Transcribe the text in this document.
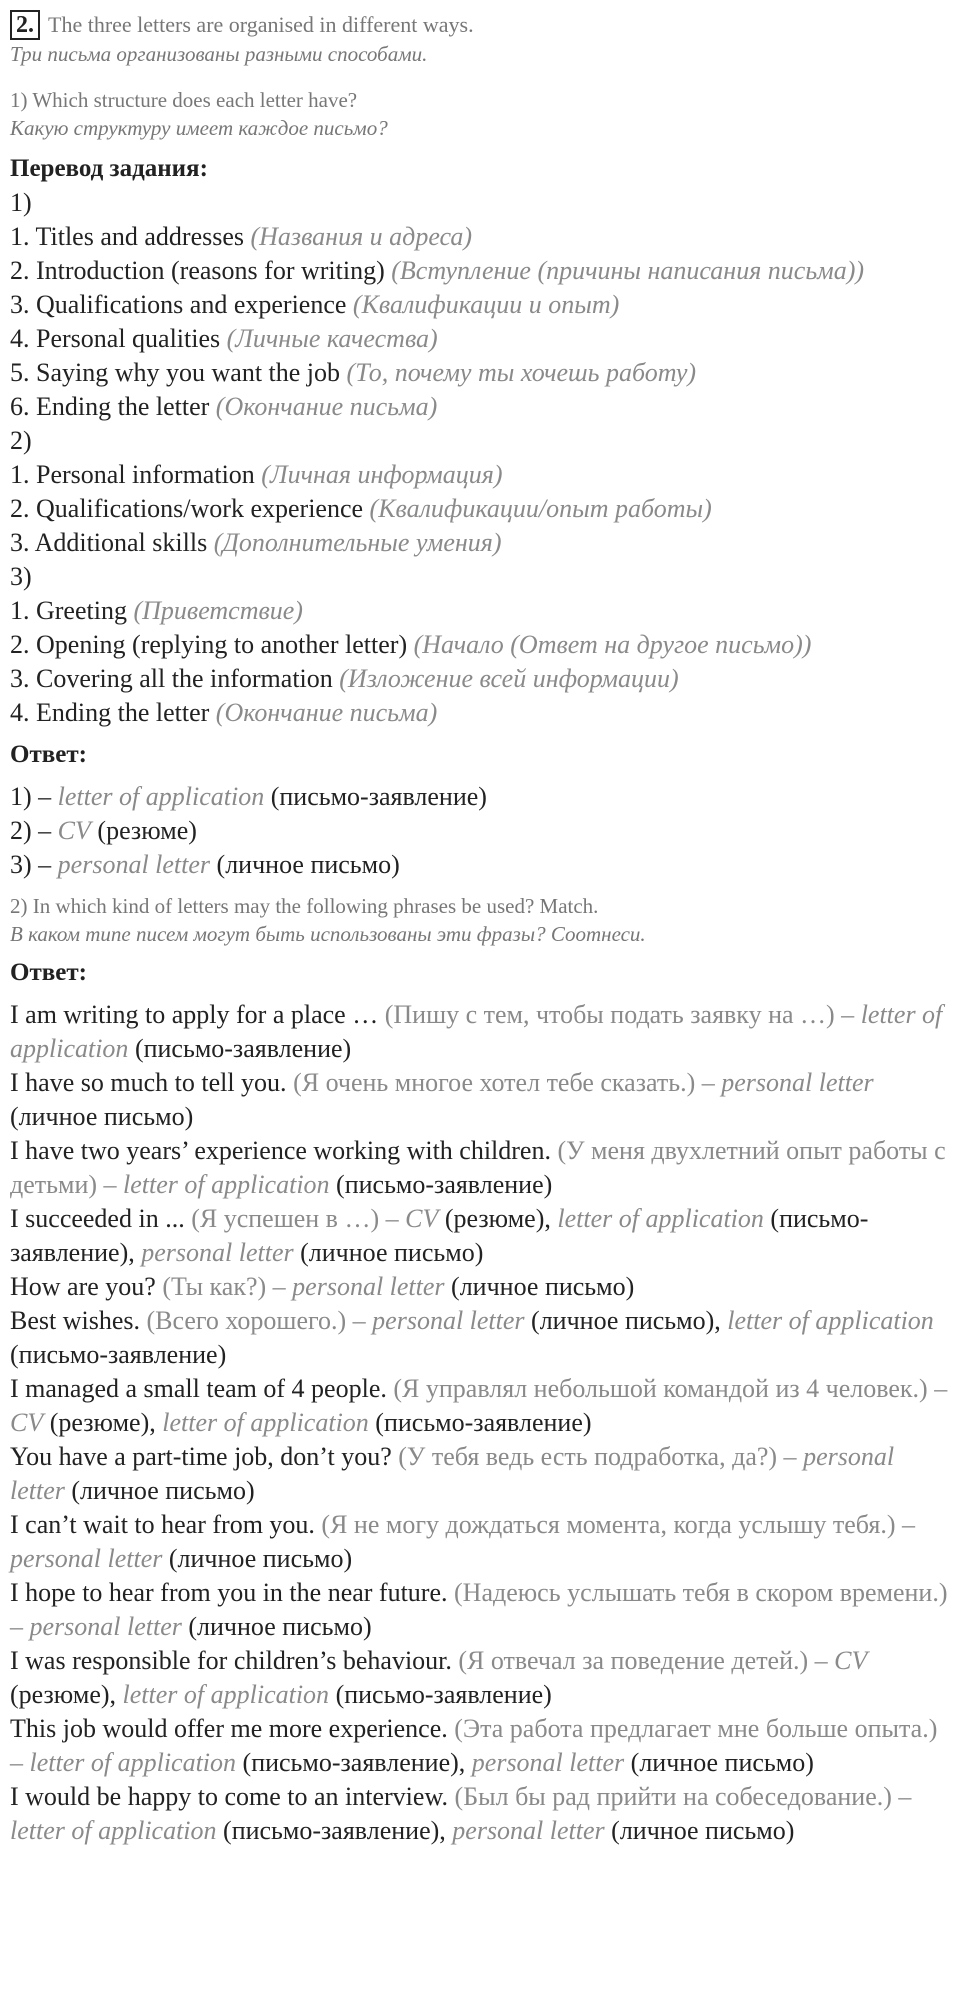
2. The three letters are organised in different ways.
Три письма организованы разными способами.
1) Which structure does each letter have?
Какую структуру имеет каждое письмо?
Перевод задания:
1)
1. Titles and addresses (Названия и адреса)
2. Introduction (reasons for writing) (Вступление (причины написания письма))
3. Qualifications and experience (Квалификации и опыт)
4. Personal qualities (Личные качества)
5. Saying why you want the job (То, почему ты хочешь работу)
6. Ending the letter (Окончание письма)
2)
1. Personal information (Личная информация)
2. Qualifications/work experience (Квалификации/опыт работы)
3. Additional skills (Дополнительные умения)
3)
1. Greeting (Приветствие)
2. Opening (replying to another letter) (Начало (Ответ на другое письмо))
3. Covering all the information (Изложение всей информации)
4. Ending the letter (Окончание письма)
Ответ:
1) – letter of application (письмо-заявление)
2) – CV (резюме)
3) – personal letter (личное письмо)
2) In which kind of letters may the following phrases be used? Match.
В каком типе писем могут быть использованы эти фразы? Соотнеси.
Ответ:
I am writing to apply for a place … (Пишу с тем, чтобы подать заявку на …) – letter of application (письмо-заявление)
I have so much to tell you. (Я очень многое хотел тебе сказать.) – personal letter (личное письмо)
I have two years’ experience working with children. (У меня двухлетний опыт работы с детьми) – letter of application (письмо-заявление)
I succeeded in ... (Я успешен в …) – CV (резюме), letter of application (письмо-заявление), personal letter (личное письмо)
How are you? (Ты как?) – personal letter (личное письмо)
Best wishes. (Всего хорошего.) – personal letter (личное письмо), letter of application (письмо-заявление)
I managed a small team of 4 people. (Я управлял небольшой командой из 4 человек.) – CV (резюме), letter of application (письмо-заявление)
You have a part-time job, don’t you? (У тебя ведь есть подработка, да?) – personal letter (личное письмо)
I can’t wait to hear from you. (Я не могу дождаться момента, когда услышу тебя.) – personal letter (личное письмо)
I hope to hear from you in the near future. (Надеюсь услышать тебя в скором времени.) – personal letter (личное письмо)
I was responsible for children’s behaviour. (Я отвечал за поведение детей.) – CV (резюме), letter of application (письмо-заявление)
This job would offer me more experience. (Эта работа предлагает мне больше опыта.) – letter of application (письмо-заявление), personal letter (личное письмо)
I would be happy to come to an interview. (Был бы рад прийти на собеседование.) – letter of application (письмо-заявление), personal letter (личное письмо)
